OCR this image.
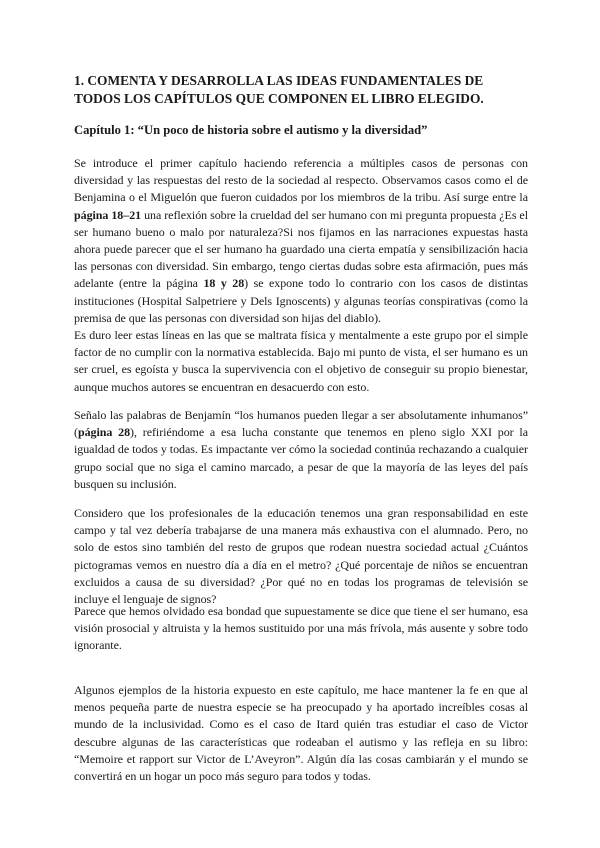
1. COMENTA Y DESARROLLA LAS IDEAS FUNDAMENTALES DE TODOS LOS CAPÍTULOS QUE COMPONEN EL LIBRO ELEGIDO.
Capítulo 1: “Un poco de historia sobre el autismo y la diversidad”

Se introduce el primer capítulo haciendo referencia a múltiples casos de personas con diversidad y las respuestas del resto de la sociedad al respecto. Observamos casos como el de Benjamina o el Miguelón que fueron cuidados por los miembros de la tribu. Así surge entre la página 18–21 una reflexión sobre la crueldad del ser humano con mi pregunta propuesta ¿Es el ser humano bueno o malo por naturaleza?Si nos fijamos en las narraciones expuestas hasta ahora puede parecer que el ser humano ha guardado una cierta empatía y sensibilización hacia las personas con diversidad. Sin embargo, tengo ciertas dudas sobre esta afirmación, pues más adelante (entre la página 18 y 28) se expone todo lo contrario con los casos de distintas instituciones (Hospital Salpetriere y Dels Ignoscents) y algunas teorías conspirativas (como la premisa de que las personas con diversidad son hijas del diablo).

Es duro leer estas líneas en las que se maltrata física y mentalmente a este grupo por el simple factor de no cumplir con la normativa establecida. Bajo mi punto de vista, el ser humano es un ser cruel, es egoísta y busca la supervivencia con el objetivo de conseguir su propio bienestar, aunque muchos autores se encuentran en desacuerdo con esto.

Señalo las palabras de Benjamín “los humanos pueden llegar a ser absolutamente inhumanos” (página 28), refiriéndome a esa lucha constante que tenemos en pleno siglo XXI por la igualdad de todos y todas. Es impactante ver cómo la sociedad continúa rechazando a cualquier grupo social que no siga el camino marcado, a pesar de que la mayoría de las leyes del país busquen su inclusión.

Considero que los profesionales de la educación tenemos una gran responsabilidad en este campo y tal vez debería trabajarse de una manera más exhaustiva con el alumnado. Pero, no solo de estos sino también del resto de grupos que rodean nuestra sociedad actual ¿Cuántos pictogramas vemos en nuestro día a día en el metro? ¿Qué porcentaje de niños se encuentran excluidos a causa de su diversidad? ¿Por qué no en todas los programas de televisión se incluye el lenguaje de signos?

Parece que hemos olvidado esa bondad que supuestamente se dice que tiene el ser humano, esa visión prosocial y altruista y la hemos sustituido por una más frívola, más ausente y sobre todo ignorante.

Algunos ejemplos de la historia expuesto en este capítulo, me hace mantener la fe en que al menos pequeña parte de nuestra especie se ha preocupado y ha aportado increíbles cosas al mundo de la inclusividad. Como es el caso de Itard quién tras estudiar el caso de Victor descubre algunas de las características que rodeaban el autismo y las refleja en su libro: “Memoire et rapport sur Victor de L’Aveyron”. Algún día las cosas cambiarán y el mundo se convertirá en un hogar un poco más seguro para todos y todas.
